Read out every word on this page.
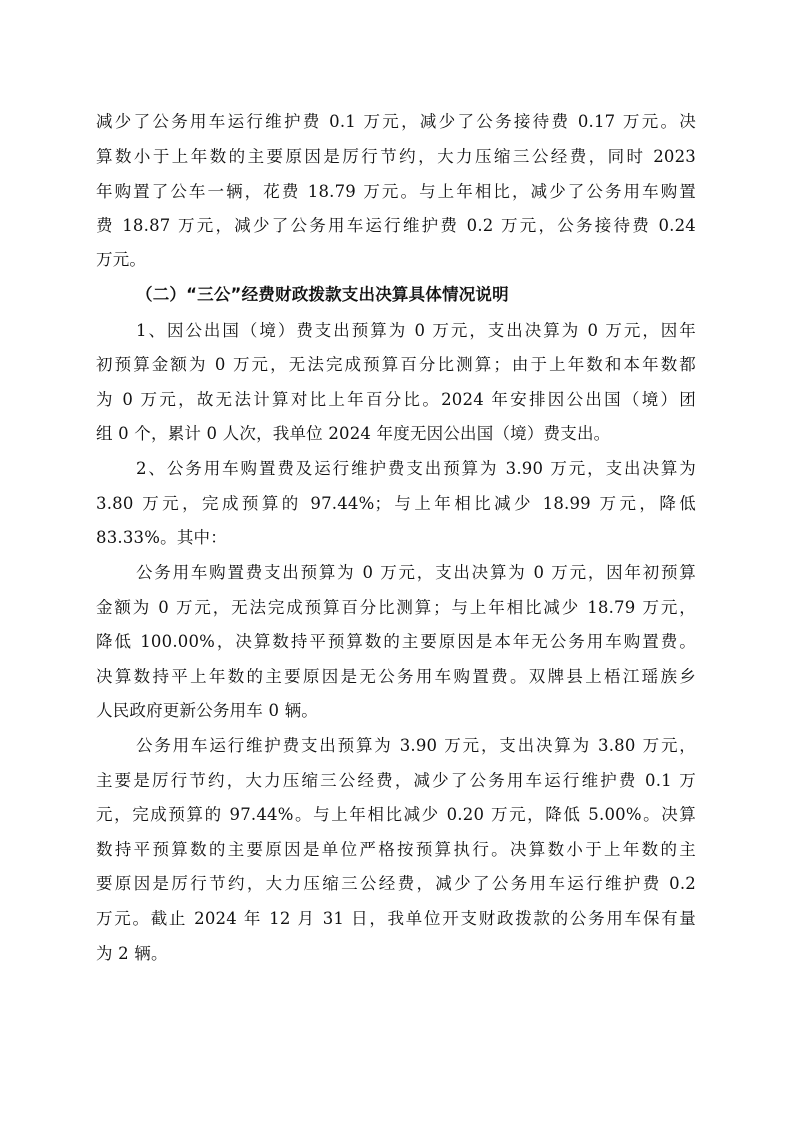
减少了公务用车运行维护费 0.1 万元，减少了公务接待费 0.17 万元。决
算数小于上年数的主要原因是厉行节约，大力压缩三公经费，同时 2023
年购置了公车一辆，花费 18.79 万元。与上年相比，减少了公务用车购置
费 18.87 万元，减少了公务用车运行维护费 0.2 万元，公务接待费 0.24
万元。
（二）“三公”经费财政拨款支出决算具体情况说明
1、因公出国（境）费支出预算为 0 万元，支出决算为 0 万元，因年
初预算金额为 0 万元，无法完成预算百分比测算；由于上年数和本年数都
为 0 万元，故无法计算对比上年百分比。2024 年安排因公出国（境）团
组 0 个，累计 0 人次，我单位 2024 年度无因公出国（境）费支出。
2、公务用车购置费及运行维护费支出预算为 3.90 万元，支出决算为
3.80 万元，完成预算的 97.44%；与上年相比减少 18.99 万元，降低
83.33%。其中：
公务用车购置费支出预算为 0 万元，支出决算为 0 万元，因年初预算
金额为 0 万元，无法完成预算百分比测算；与上年相比减少 18.79 万元，
降低 100.00%，决算数持平预算数的主要原因是本年无公务用车购置费。
决算数持平上年数的主要原因是无公务用车购置费。双牌县上梧江瑶族乡
人民政府更新公务用车 0 辆。
公务用车运行维护费支出预算为 3.90 万元，支出决算为 3.80 万元，
主要是厉行节约，大力压缩三公经费，减少了公务用车运行维护费 0.1 万
元，完成预算的 97.44%。与上年相比减少 0.20 万元，降低 5.00%。决算
数持平预算数的主要原因是单位严格按预算执行。决算数小于上年数的主
要原因是厉行节约，大力压缩三公经费，减少了公务用车运行维护费 0.2
万元。截止 2024 年 12 月 31 日，我单位开支财政拨款的公务用车保有量
为 2 辆。
